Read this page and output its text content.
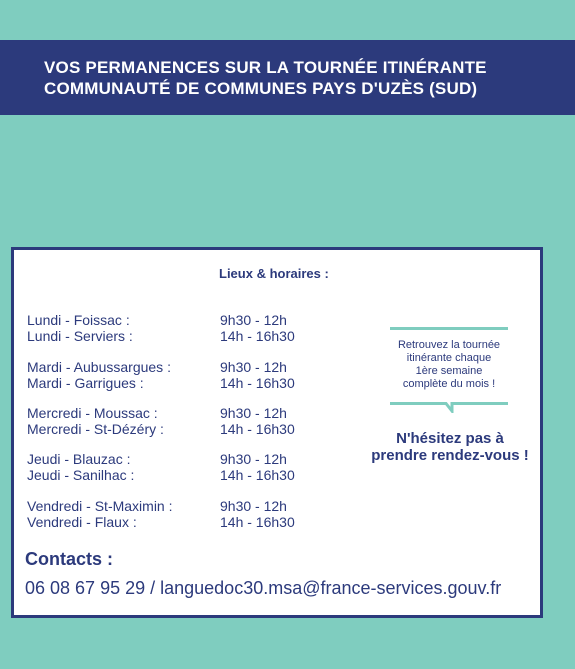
VOS PERMANENCES SUR LA TOURNÉE ITINÉRANTE
COMMUNAUTÉ DE COMMUNES PAYS D'UZÈS (SUD)
Lieux & horaires :
Lundi - Foissac :	9h30 - 12h
Lundi - Serviers :	14h - 16h30
Mardi - Aubussargues :	9h30 - 12h
Mardi - Garrigues :	14h - 16h30
Mercredi - Moussac :	9h30 - 12h
Mercredi - St-Dézéry :	14h - 16h30
Jeudi - Blauzac :	9h30 - 12h
Jeudi - Sanilhac :	14h - 16h30
Vendredi - St-Maximin :	9h30 - 12h
Vendredi - Flaux :	14h - 16h30
Retrouvez la tournée
itinérante chaque
1ère semaine
complète du mois !
N'hésitez pas à
prendre rendez-vous !
Contacts :
06 08 67 95 29 / languedoc30.msa@france-services.gouv.fr
